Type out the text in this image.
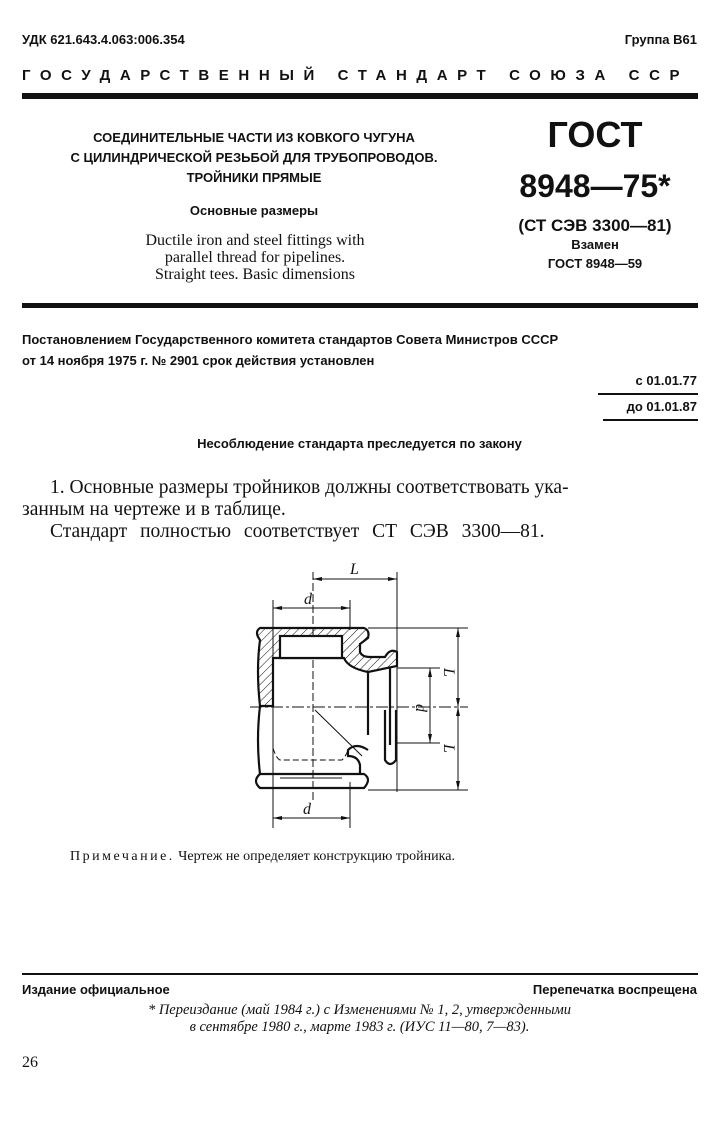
УДК 621.643.4.063:006.354	Группа В61
ГОСУДАРСТВЕННЫЙ СТАНДАРТ СОЮЗА ССР
СОЕДИНИТЕЛЬНЫЕ ЧАСТИ ИЗ КОВКОГО ЧУГУНА
С ЦИЛИНДРИЧЕСКОЙ РЕЗЬБОЙ ДЛЯ ТРУБОПРОВОДОВ.
ТРОЙНИКИ ПРЯМЫЕ
Основные размеры
Ductile iron and steel fittings with
parallel thread for pipelines.
Straight tees. Basic dimensions
ГОСТ
8948—75*
(СТ СЭВ 3300—81)
Взамен
ГОСТ 8948—59
Постановлением Государственного комитета стандартов Совета Министров СССР
от 14 ноября 1975 г. № 2901 срок действия установлен
с 01.01.77
до 01.01.87
Несоблюдение стандарта преследуется по закону
1. Основные размеры тройников должны соответствовать ука-
занным на чертеже и в таблице.
Стандарт полностью соответствует СТ СЭВ 3300—81.
L
d
d
d
L
L
Примечание. Чертеж не определяет конструкцию тройника.
Издание официальное	Перепечатка воспрещена
* Переиздание (май 1984 г.) с Изменениями № 1, 2, утвержденными
в сентябре 1980 г., марте 1983 г. (ИУС 11—80, 7—83).
26
